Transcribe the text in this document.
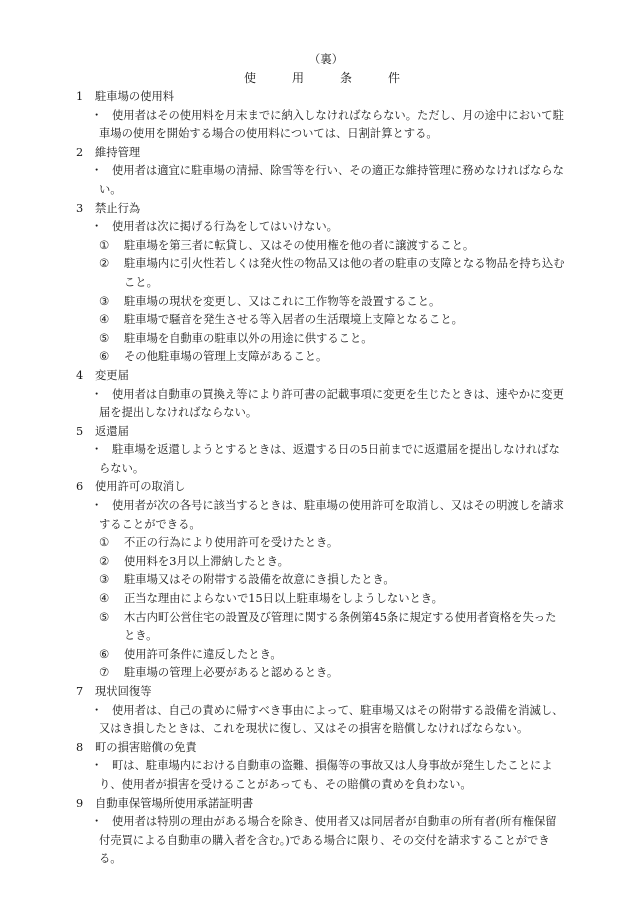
（裏）
使　　　用　　　条　　　件
1 駐車場の使用料
・ 使用者はその使用料を月末までに納入しなければならない。ただし、月の途中において駐車場の使用を開始する場合の使用料については、日割計算とする。
2 維持管理
・ 使用者は適宜に駐車場の清掃、除雪等を行い、その適正な維持管理に務めなければならない。
3 禁止行為
・ 使用者は次に掲げる行為をしてはいけない。
① 駐車場を第三者に転貸し、又はその使用権を他の者に譲渡すること。
② 駐車場内に引火性若しくは発火性の物品又は他の者の駐車の支障となる物品を持ち込むこと。
③ 駐車場の現状を変更し、又はこれに工作物等を設置すること。
④ 駐車場で騒音を発生させる等入居者の生活環境上支障となること。
⑤ 駐車場を自動車の駐車以外の用途に供すること。
⑥ その他駐車場の管理上支障があること。
4 変更届
・ 使用者は自動車の買換え等により許可書の記載事項に変更を生じたときは、速やかに変更届を提出しなければならない。
5 返還届
・ 駐車場を返還しようとするときは、返還する日の5日前までに返還届を提出しなければならない。
6 使用許可の取消し
・ 使用者が次の各号に該当するときは、駐車場の使用許可を取消し、又はその明渡しを請求することができる。
① 不正の行為により使用許可を受けたとき。
② 使用料を3月以上滞納したとき。
③ 駐車場又はその附帯する設備を故意にき損したとき。
④ 正当な理由によらないで15日以上駐車場をしようしないとき。
⑤ 木古内町公営住宅の設置及び管理に関する条例第45条に規定する使用者資格を失ったとき。
⑥ 使用許可条件に違反したとき。
⑦ 駐車場の管理上必要があると認めるとき。
7 現状回復等
・ 使用者は、自己の責めに帰すべき事由によって、駐車場又はその附帯する設備を消滅し、又はき損したときは、これを現状に復し、又はその損害を賠償しなければならない。
8 町の損害賠償の免責
・ 町は、駐車場内における自動車の盗難、損傷等の事故又は人身事故が発生したことにより、使用者が損害を受けることがあっても、その賠償の責めを負わない。
9 自動車保管場所使用承諾証明書
・ 使用者は特別の理由がある場合を除き、使用者又は同居者が自動車の所有者(所有権保留付売買による自動車の購入者を含む。)である場合に限り、その交付を請求することができる。
